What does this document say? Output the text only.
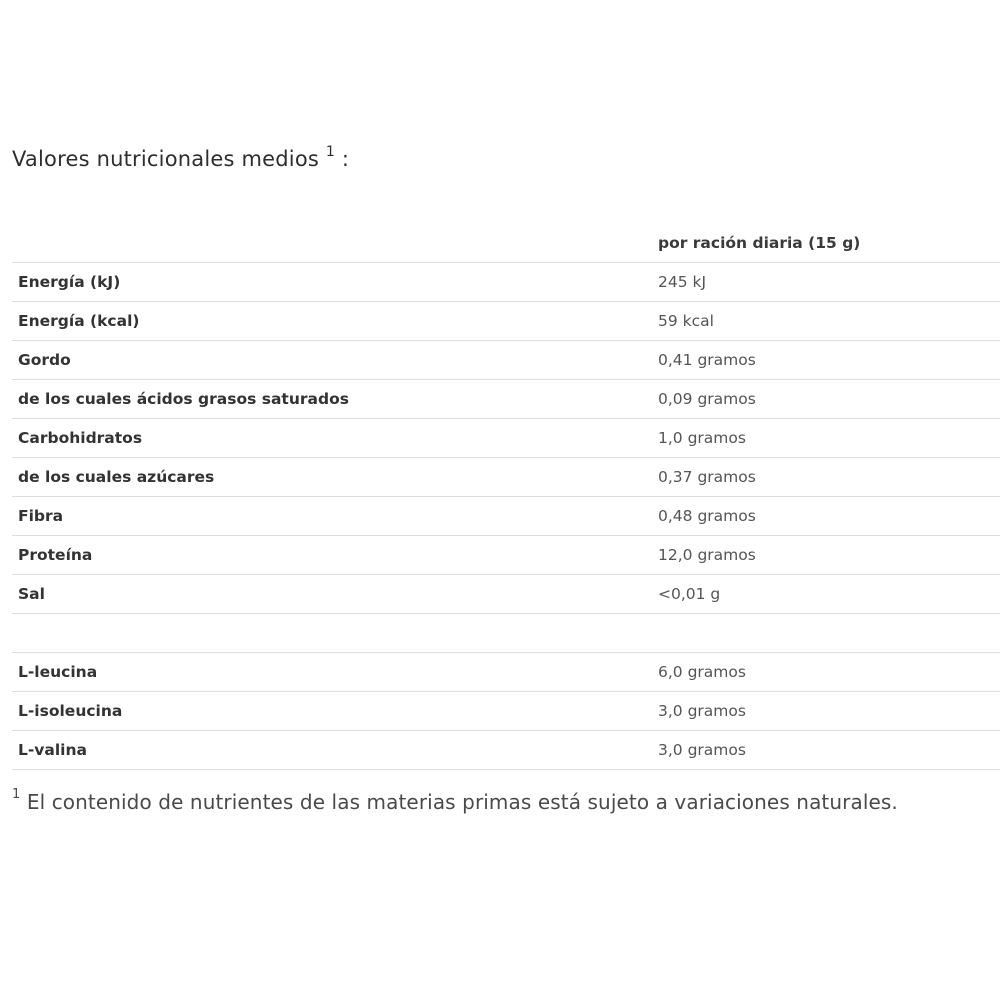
Valores nutricionales medios $^1$ :
	por ración diaria (15 g)
Energía (kJ)	245 kJ
Energía (kcal)	59 kcal
Gordo	0,41 gramos
de los cuales ácidos grasos saturados	0,09 gramos
Carbohidratos	1,0 gramos
de los cuales azúcares	0,37 gramos
Fibra	0,48 gramos
Proteína	12,0 gramos
Sal	<0,01 g

L-leucina	6,0 gramos
L-isoleucina	3,0 gramos
L-valina	3,0 gramos

$^1$ El contenido de nutrientes de las materias primas está sujeto a variaciones naturales.
